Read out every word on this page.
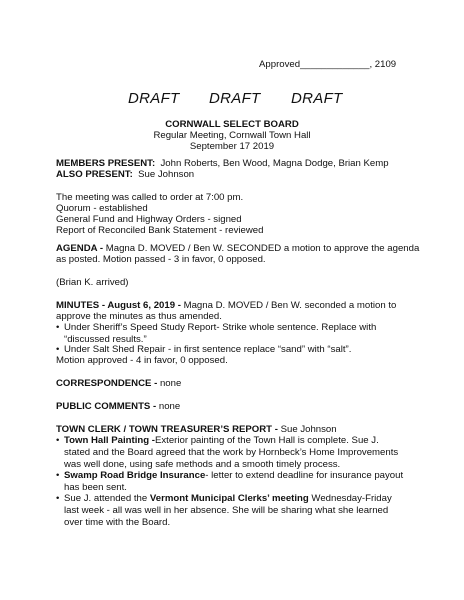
Approved_____________, 2109
DRAFT DRAFT DRAFT
CORNWALL SELECT BOARD
Regular Meeting, Cornwall Town Hall
September 17 2019
MEMBERS PRESENT: John Roberts, Ben Wood, Magna Dodge, Brian Kemp
ALSO PRESENT: Sue Johnson
The meeting was called to order at 7:00 pm.
Quorum - established
General Fund and Highway Orders - signed
Report of Reconciled Bank Statement - reviewed
AGENDA - Magna D. MOVED / Ben W. SECONDED a motion to approve the agenda
as posted. Motion passed - 3 in favor, 0 opposed.
(Brian K. arrived)
MINUTES - August 6, 2019 - Magna D. MOVED / Ben W. seconded a motion to
approve the minutes as thus amended.
• Under Sheriff’s Speed Study Report- Strike whole sentence. Replace with “discussed results.”
• Under Salt Shed Repair - in first sentence replace “sand” with “salt”.
Motion approved - 4 in favor, 0 opposed.
CORRESPONDENCE - none
PUBLIC COMMENTS - none
TOWN CLERK / TOWN TREASURER’S REPORT - Sue Johnson
• Town Hall Painting -Exterior painting of the Town Hall is complete. Sue J. stated and the Board agreed that the work by Hornbeck’s Home Improvements was well done, using safe methods and a smooth timely process.
• Swamp Road Bridge Insurance- letter to extend deadline for insurance payout has been sent.
• Sue J. attended the Vermont Municipal Clerks’ meeting Wednesday-Friday last week - all was well in her absence. She will be sharing what she learned over time with the Board.
